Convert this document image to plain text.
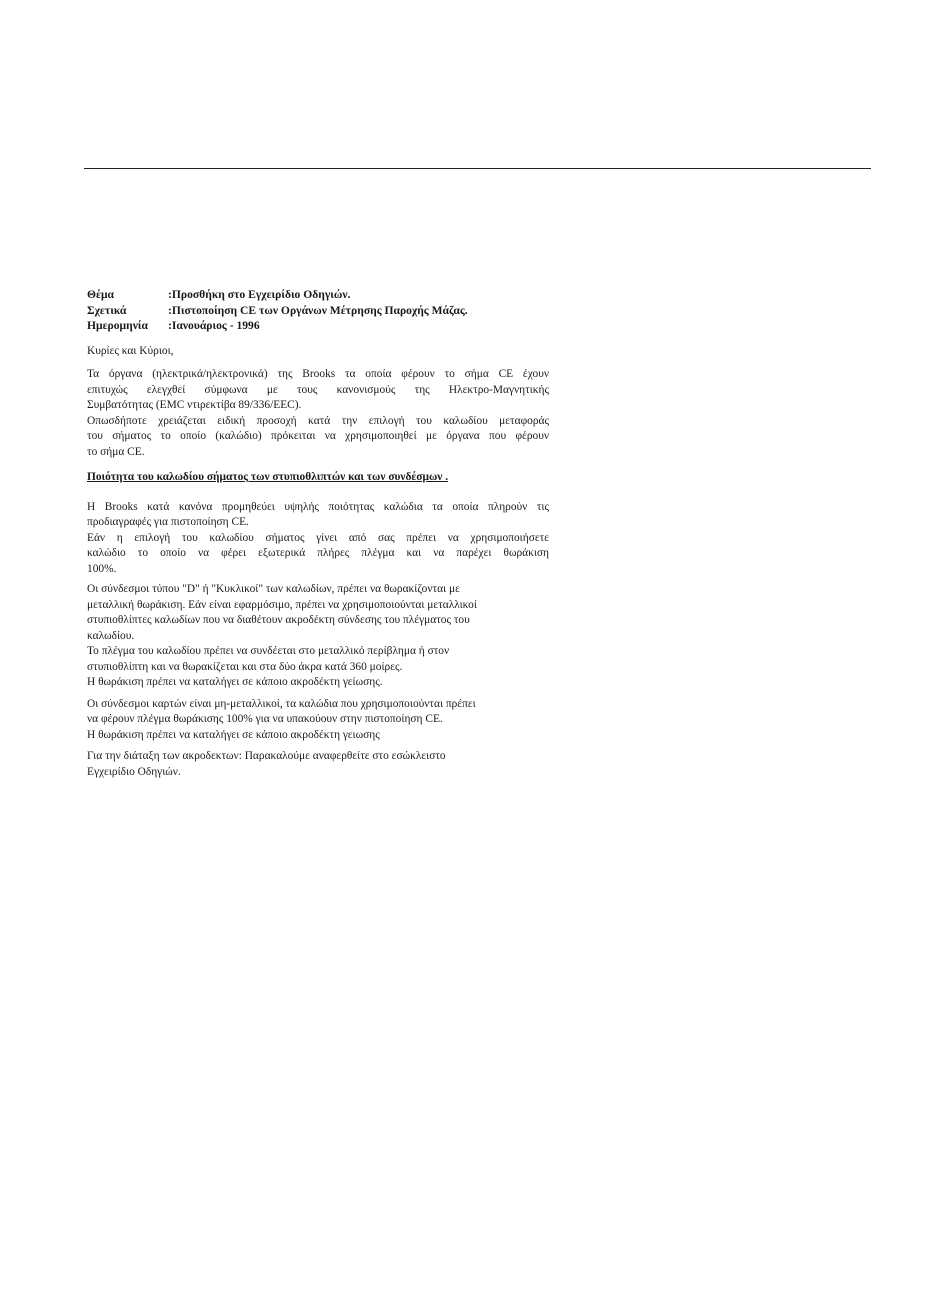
Θέμα	:Προσθήκη στο Εγχειρίδιο Οδηγιών.
Σχετικά	:Πιστοποίηση CE των Οργάνων Μέτρησης Παροχής Μάζας.
Ημερομηνία	:Ιανουάριος - 1996
Κυρίες και Κύριοι,
Τα όργανα (ηλεκτρικά/ηλεκτρονικά) της Brooks τα οποία φέρουν το σήμα CE έχουν
επιτυχώς ελεγχθεί σύμφωνα με τους κανονισμούς της Ηλεκτρο-Μαγνητικής
Συμβατότητας (EMC ντιρεκτίβα 89/336/EEC).
Οπωσδήποτε χρειάζεται ειδική προσοχή κατά την επιλογή του καλωδίου μεταφοράς
του σήματος το οποίο (καλώδιο) πρόκειται να χρησιμοποιηθεί με όργανα που φέρουν
το σήμα CE.
Ποιότητα του καλωδίου σήματος των στυπιοθλιπτών και των συνδέσμων .
Η Brooks κατά κανόνα προμηθεύει υψηλής ποιότητας καλώδια τα οποία πληρούν τις
προδιαγραφές για πιστοποίηση CE.
Εάν η επιλογή του καλωδίου σήματος γίνει από σας πρέπει να χρησιμοποιήσετε
καλώδιο το οποίο να φέρει εξωτερικά πλήρες πλέγμα και να παρέχει θωράκιση
100%.
Οι σύνδεσμοι τύπου "D" ή "Κυκλικοί" των καλωδίων, πρέπει να θωρακίζονται με
μεταλλική θωράκιση. Εάν είναι εφαρμόσιμο, πρέπει να χρησιμοποιούνται μεταλλικοί
στυπιοθλίπτες καλωδίων που να διαθέτουν ακροδέκτη σύνδεσης του πλέγματος του
καλωδίου.
Το πλέγμα του καλωδίου πρέπει να συνδέεται στο μεταλλικό περίβλημα ή στον
στυπιοθλίπτη και να θωρακίζεται και στα δύο άκρα κατά 360 μοίρες.
Η θωράκιση πρέπει να καταλήγει σε κάποιο ακροδέκτη γείωσης.
Οι σύνδεσμοι καρτών είναι μη-μεταλλικοί, τα καλώδια που χρησιμοποιούνται πρέπει
να φέρουν πλέγμα θωράκισης 100% για να υπακούουν στην πιστοποίηση CE.
Η θωράκιση πρέπει να καταλήγει σε κάποιο ακροδέκτη γειωσης
Για την διάταξη των ακροδεκτων: Παρακαλούμε αναφερθείτε στο εσώκλειστο
Εγχειρίδιο Οδηγιών.
